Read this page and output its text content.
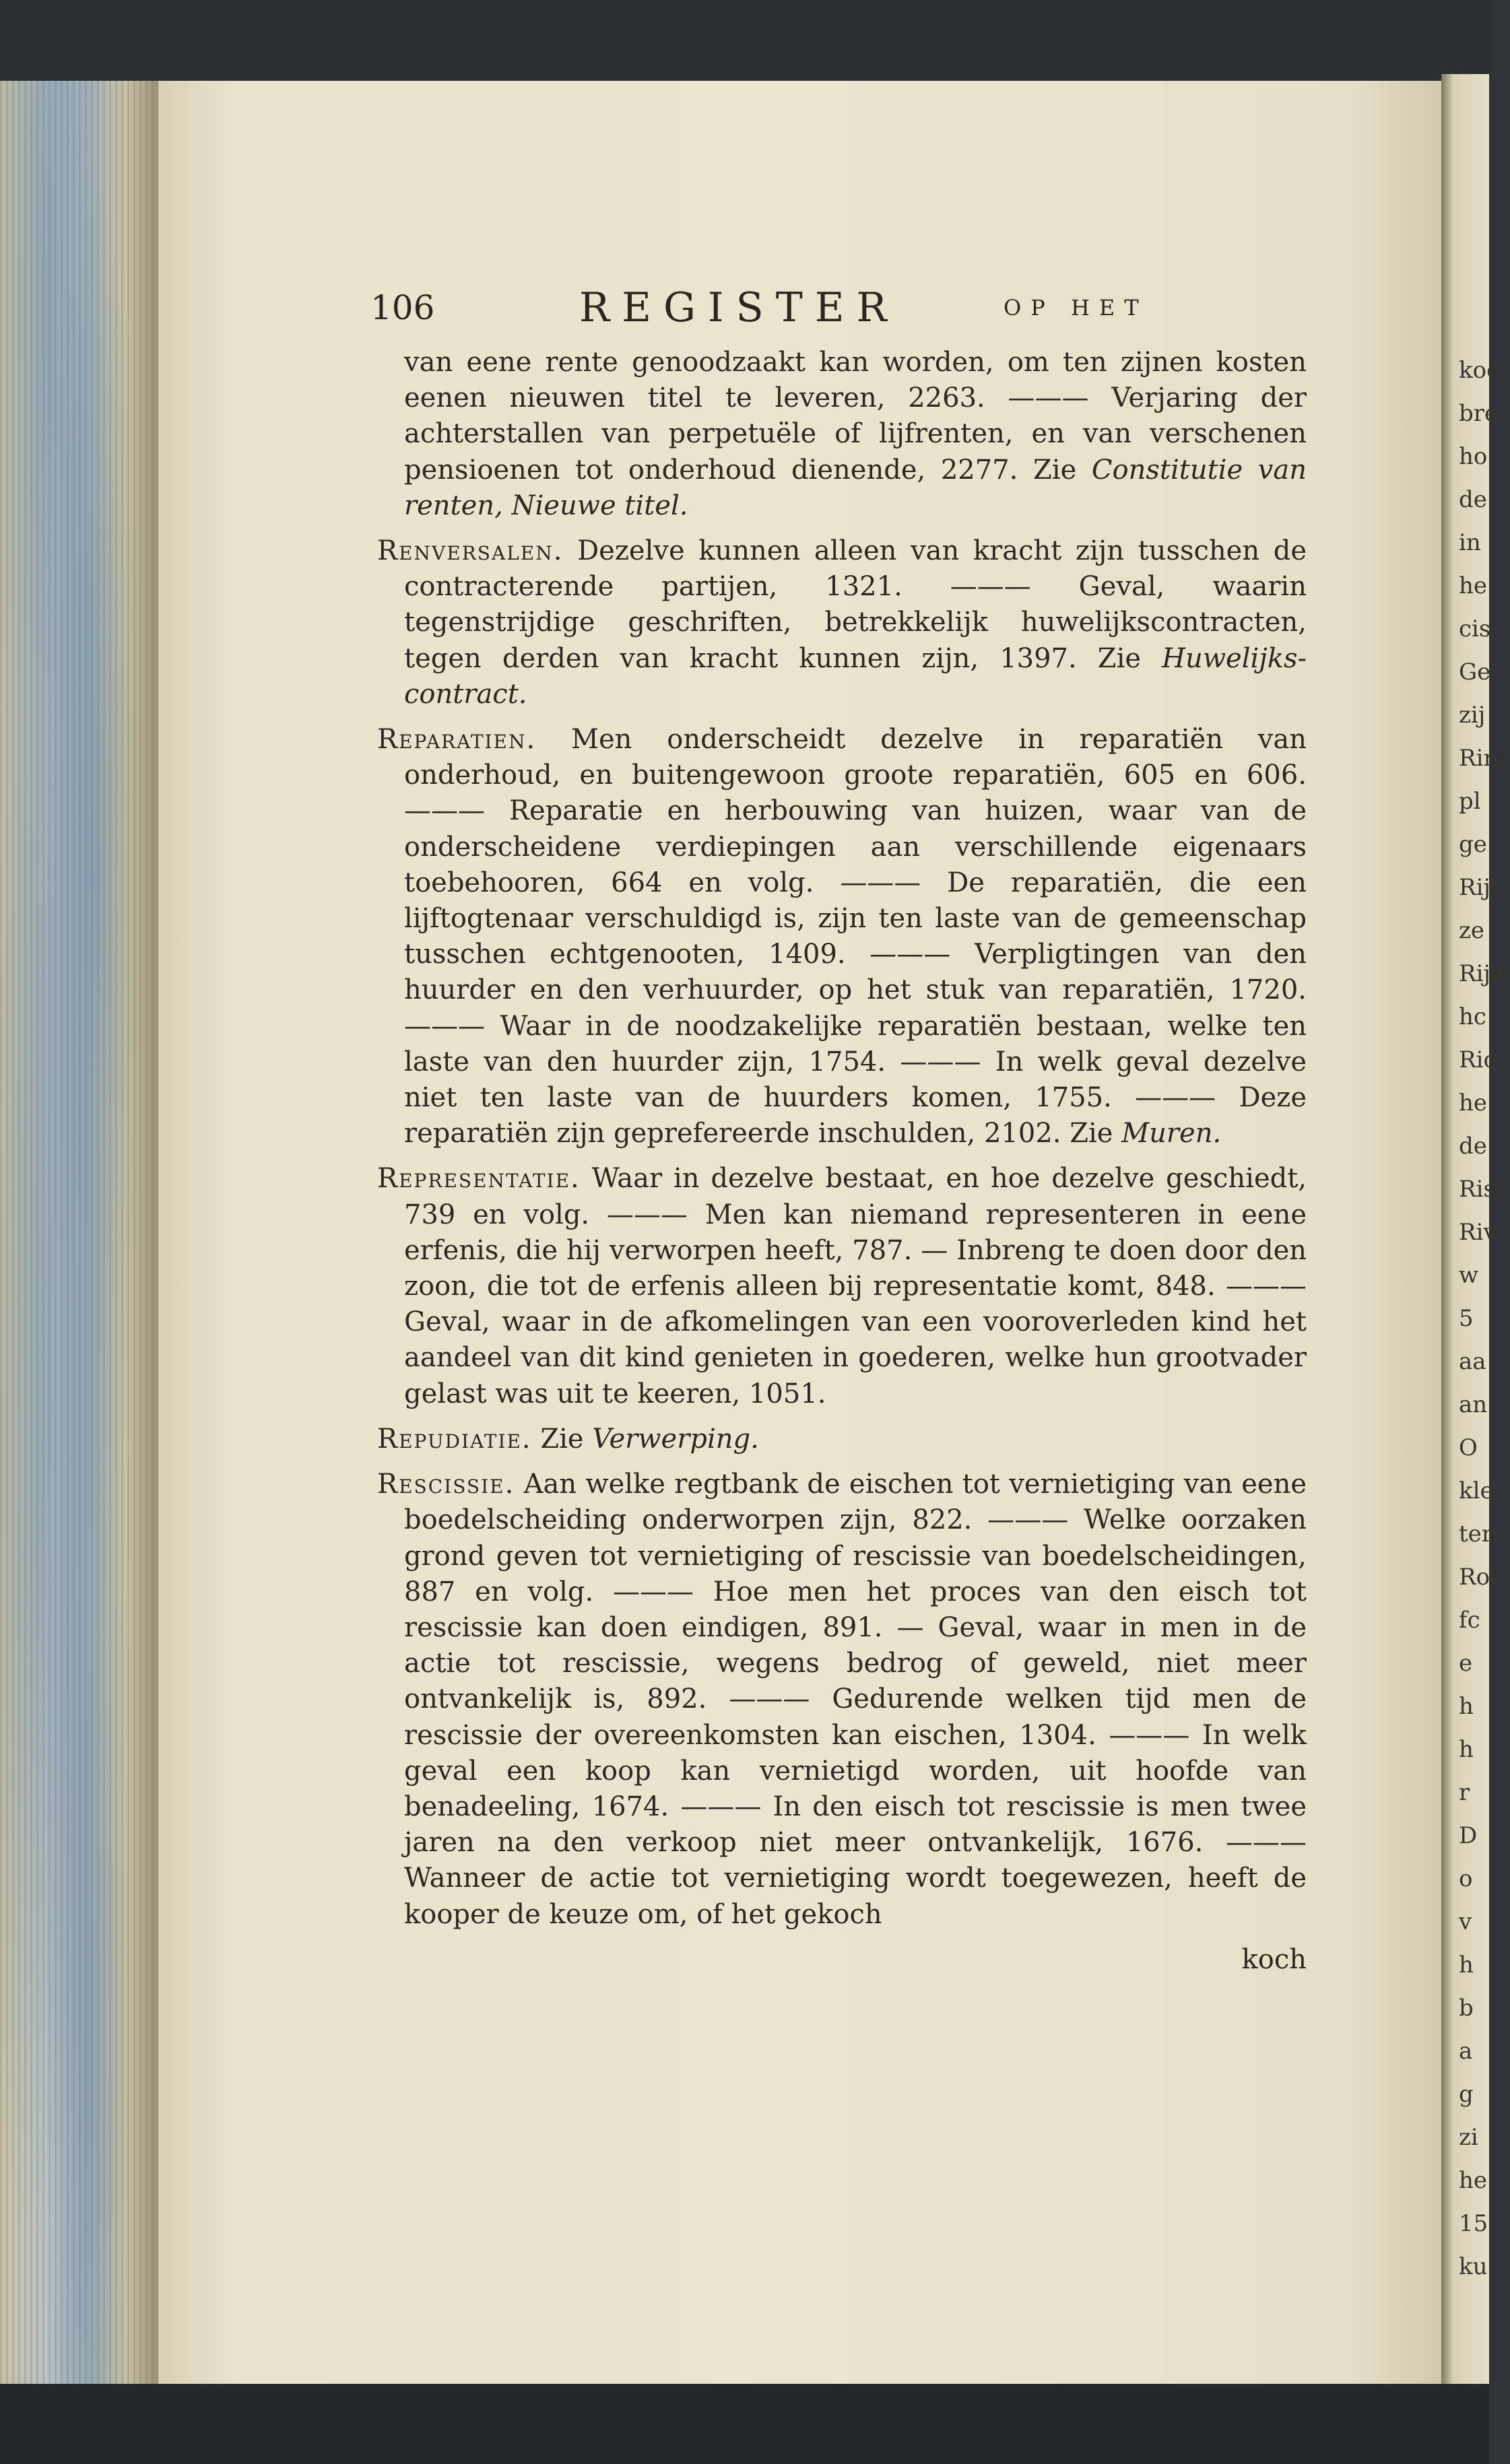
koo
bre
ho
de
in
he
cis
Ge
zij
Rini
pl
ge
Rijt
ze
Rijw
hc
Rio
he
de
Risi
Riv
w
5
aa
an
O
kle
ter
Rol
fc
e
h
h
r
D
o
v
h
b
a
g
zi
he
15
ku
106	REGISTER	OP HET

van eene rente genoodzaakt kan worden, om ten zijnen kosten eenen nieuwen titel te leveren, 2263. ——— Verjaring der achterstallen van perpetuële of lijfrenten, en van verschenen pensioenen tot onderhoud dienende, 2277. Zie Constitutie van renten, Nieuwe titel.

Renversalen. Dezelve kunnen alleen van kracht zijn tusschen de contracterende partijen, 1321. ——— Geval, waarin tegenstrijdige geschriften, betrekkelijk huwelijkscontracten, tegen derden van kracht kunnen zijn, 1397. Zie Huwelijks-contract.

Reparatien. Men onderscheidt dezelve in reparatiën van onderhoud, en buitengewoon groote reparatiën, 605 en 606. ——— Reparatie en herbouwing van huizen, waar van de onderscheidene verdiepingen aan verschillende eigenaars toebehooren, 664 en volg. ——— De reparatiën, die een lijftogtenaar verschuldigd is, zijn ten laste van de gemeenschap tusschen echtgenooten, 1409. ——— Verpligtingen van den huurder en den verhuurder, op het stuk van reparatiën, 1720. ——— Waar in de noodzakelijke reparatiën bestaan, welke ten laste van den huurder zijn, 1754. ——— In welk geval dezelve niet ten laste van de huurders komen, 1755. ——— Deze reparatiën zijn geprefereerde inschulden, 2102. Zie Muren.

Representatie. Waar in dezelve bestaat, en hoe dezelve geschiedt, 739 en volg. ——— Men kan niemand representeren in eene erfenis, die hij verworpen heeft, 787. — Inbreng te doen door den zoon, die tot de erfenis alleen bij representatie komt, 848. ——— Geval, waar in de afkomelingen van een vooroverleden kind het aandeel van dit kind genieten in goederen, welke hun grootvader gelast was uit te keeren, 1051.

Repudiatie. Zie Verwerping.

Rescissie. Aan welke regtbank de eischen tot vernietiging van eene boedelscheiding onderworpen zijn, 822. ——— Welke oorzaken grond geven tot vernietiging of rescissie van boedelscheidingen, 887 en volg. ——— Hoe men het proces van den eisch tot rescissie kan doen eindigen, 891. — Geval, waar in men in de actie tot rescissie, wegens bedrog of geweld, niet meer ontvankelijk is, 892. ——— Gedurende welken tijd men de rescissie der overeenkomsten kan eischen, 1304. ——— In welk geval een koop kan vernietigd worden, uit hoofde van benadeeling, 1674. ——— In den eisch tot rescissie is men twee jaren na den verkoop niet meer ontvankelijk, 1676. ——— Wanneer de actie tot vernietiging wordt toegewezen, heeft de kooper de keuze om, of het gekoch

koch
